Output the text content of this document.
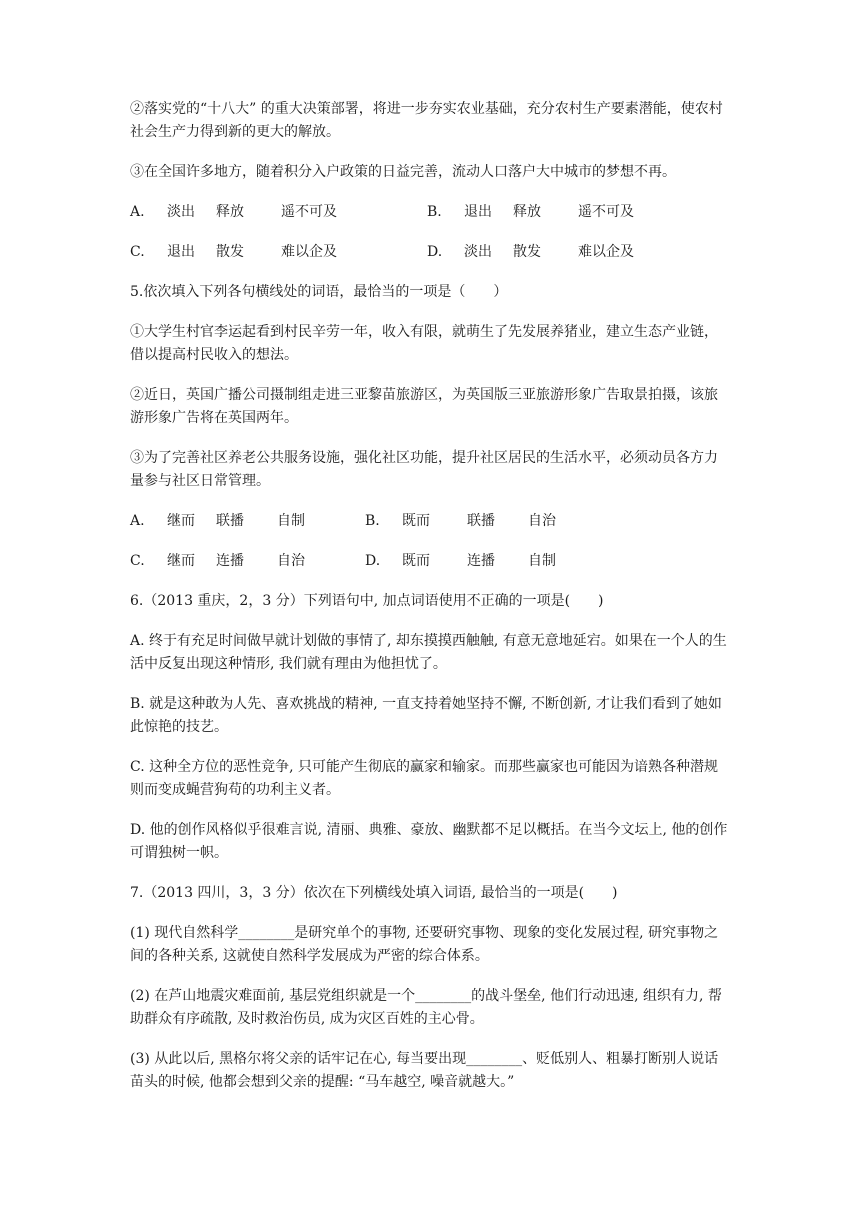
②落实党的“十八大” 的重大决策部署，将进一步夯实农业基础，充分农村生产要素潜能，使农村社会生产力得到新的更大的解放。

③在全国许多地方，随着积分入户政策的日益完善，流动人口落户大中城市的梦想不再。

A.	淡出	释放	遥不可及	B.	退出	释放	遥不可及
C.	退出	散发	难以企及	D.	淡出	散发	难以企及

5.依次填入下列各句横线处的词语，最恰当的一项是（　　）

①大学生村官李运起看到村民辛劳一年，收入有限，就萌生了先发展养猪业，建立生态产业链，借以提高村民收入的想法。

②近日，英国广播公司摄制组走进三亚黎苗旅游区，为英国版三亚旅游形象广告取景拍摄，该旅游形象广告将在英国两年。

③为了完善社区养老公共服务设施，强化社区功能，提升社区居民的生活水平，必须动员各方力量参与社区日常管理。

A.	继而	联播	自制	B.	既而	联播	自治
C.	继而	连播	自治	D.	既而	连播	自制

6.（2013 重庆，2，3 分）下列语句中, 加点词语使用不正确的一项是(　　)

A. 终于有充足时间做早就计划做的事情了, 却东摸摸西触触, 有意无意地延宕。如果在一个人的生活中反复出现这种情形, 我们就有理由为他担忧了。

B. 就是这种敢为人先、喜欢挑战的精神, 一直支持着她坚持不懈, 不断创新, 才让我们看到了她如此惊艳的技艺。

C. 这种全方位的恶性竞争, 只可能产生彻底的赢家和输家。而那些赢家也可能因为谙熟各种潜规则而变成蝇营狗苟的功利主义者。

D. 他的创作风格似乎很难言说, 清丽、典雅、豪放、幽默都不足以概括。在当今文坛上, 他的创作可谓独树一帜。

7.（2013 四川，3，3 分）依次在下列横线处填入词语, 最恰当的一项是(　　)

(1) 现代自然科学________是研究单个的事物, 还要研究事物、现象的变化发展过程, 研究事物之间的各种关系, 这就使自然科学发展成为严密的综合体系。

(2) 在芦山地震灾难面前, 基层党组织就是一个________的战斗堡垒, 他们行动迅速, 组织有力, 帮助群众有序疏散, 及时救治伤员, 成为灾区百姓的主心骨。

(3) 从此以后, 黑格尔将父亲的话牢记在心, 每当要出现________、贬低别人、粗暴打断别人说话苗头的时候, 他都会想到父亲的提醒: “马车越空, 噪音就越大。”
